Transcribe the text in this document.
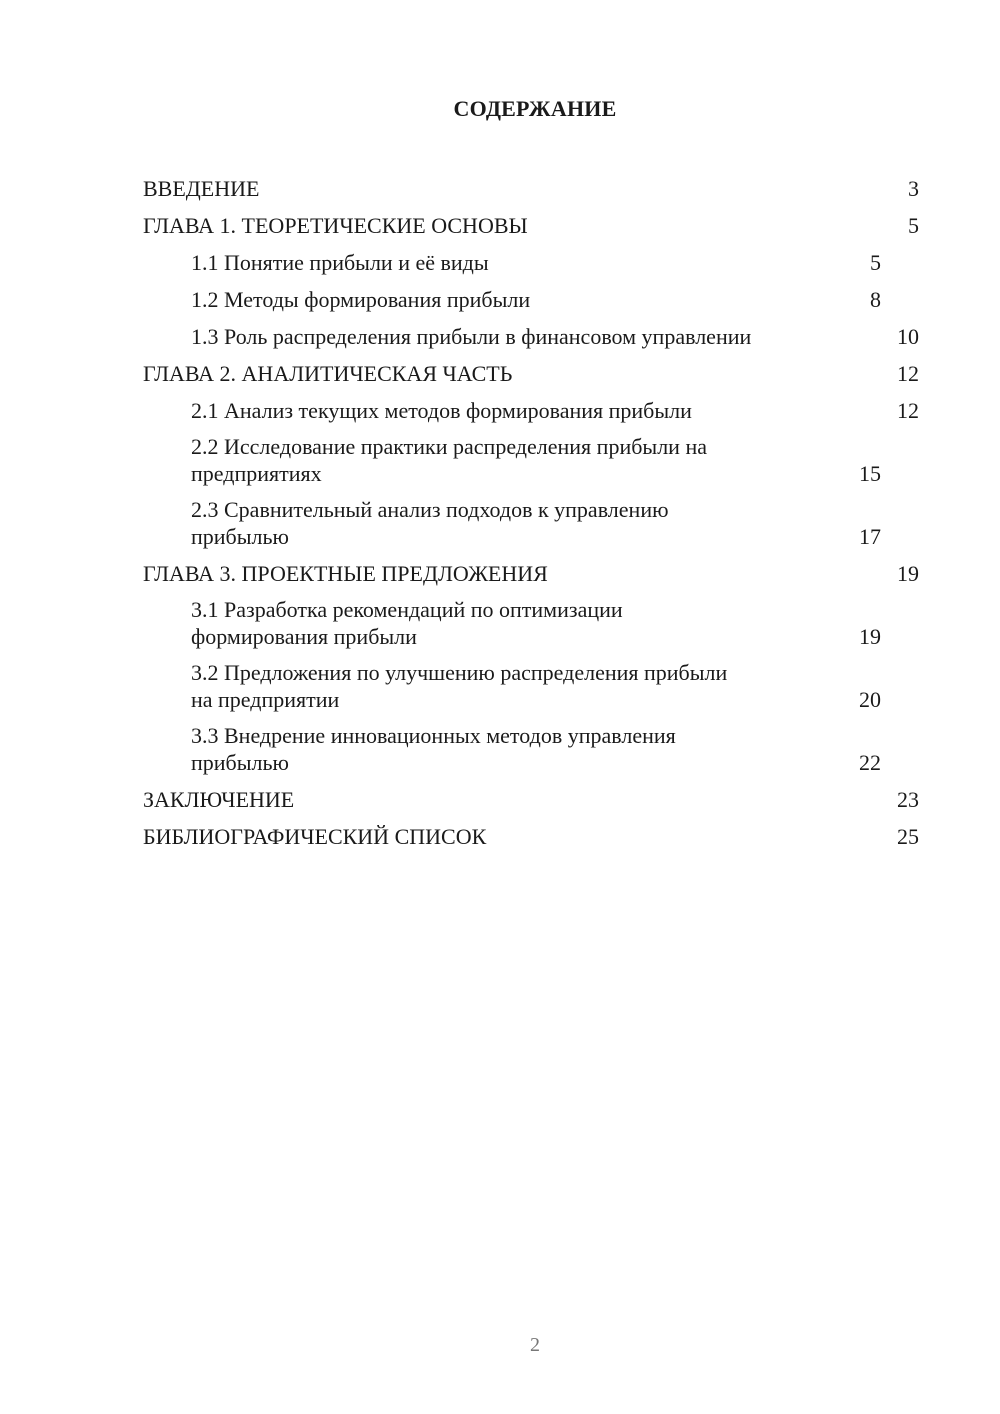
СОДЕРЖАНИЕ
ВВЕДЕНИЕ	3
ГЛАВА 1. ТЕОРЕТИЧЕСКИЕ ОСНОВЫ	5
1.1 Понятие прибыли и её виды	5
1.2 Методы формирования прибыли	8
1.3 Роль распределения прибыли в финансовом управлении	10
ГЛАВА 2. АНАЛИТИЧЕСКАЯ ЧАСТЬ	12
2.1 Анализ текущих методов формирования прибыли	12
2.2 Исследование практики распределения прибыли на
предприятиях	15
2.3 Сравнительный анализ подходов к управлению
прибылью	17
ГЛАВА 3. ПРОЕКТНЫЕ ПРЕДЛОЖЕНИЯ	19
3.1 Разработка рекомендаций по оптимизации
формирования прибыли	19
3.2 Предложения по улучшению распределения прибыли
на предприятии	20
3.3 Внедрение инновационных методов управления
прибылью	22
ЗАКЛЮЧЕНИЕ	23
БИБЛИОГРАФИЧЕСКИЙ СПИСОК	25
2
